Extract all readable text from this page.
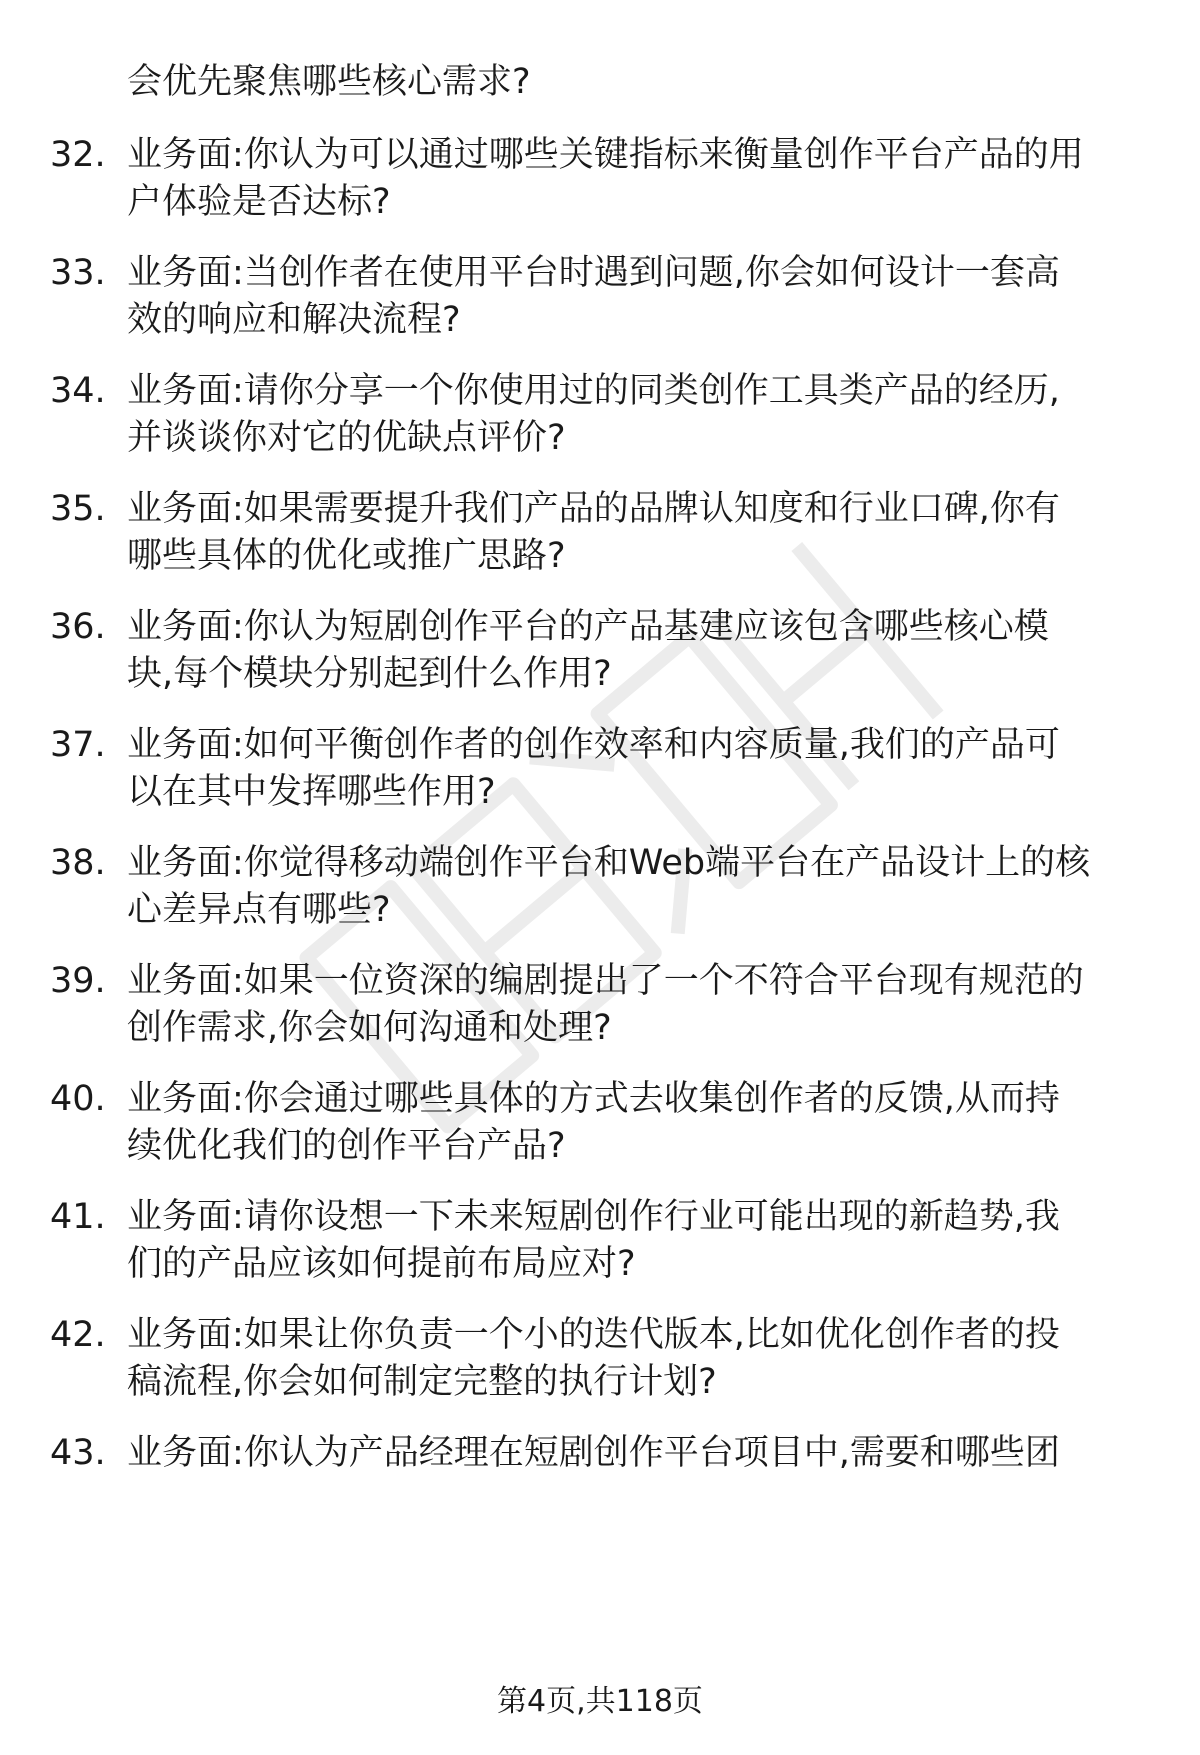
会优先聚焦哪些核心需求?
32. 业务面:你认为可以通过哪些关键指标来衡量创作平台产品的用
户体验是否达标?
33. 业务面:当创作者在使用平台时遇到问题,你会如何设计一套高
效的响应和解决流程?
34. 业务面:请你分享一个你使用过的同类创作工具类产品的经历,
并谈谈你对它的优缺点评价?
35. 业务面:如果需要提升我们产品的品牌认知度和行业口碑,你有
哪些具体的优化或推广思路?
36. 业务面:你认为短剧创作平台的产品基建应该包含哪些核心模
块,每个模块分别起到什么作用?
37. 业务面:如何平衡创作者的创作效率和内容质量,我们的产品可
以在其中发挥哪些作用?
38. 业务面:你觉得移动端创作平台和Web端平台在产品设计上的核
心差异点有哪些?
39. 业务面:如果一位资深的编剧提出了一个不符合平台现有规范的
创作需求,你会如何沟通和处理?
40. 业务面:你会通过哪些具体的方式去收集创作者的反馈,从而持
续优化我们的创作平台产品?
41. 业务面:请你设想一下未来短剧创作行业可能出现的新趋势,我
们的产品应该如何提前布局应对?
42. 业务面:如果让你负责一个小的迭代版本,比如优化创作者的投
稿流程,你会如何制定完整的执行计划?
43. 业务面:你认为产品经理在短剧创作平台项目中,需要和哪些团
第4页,共118页
